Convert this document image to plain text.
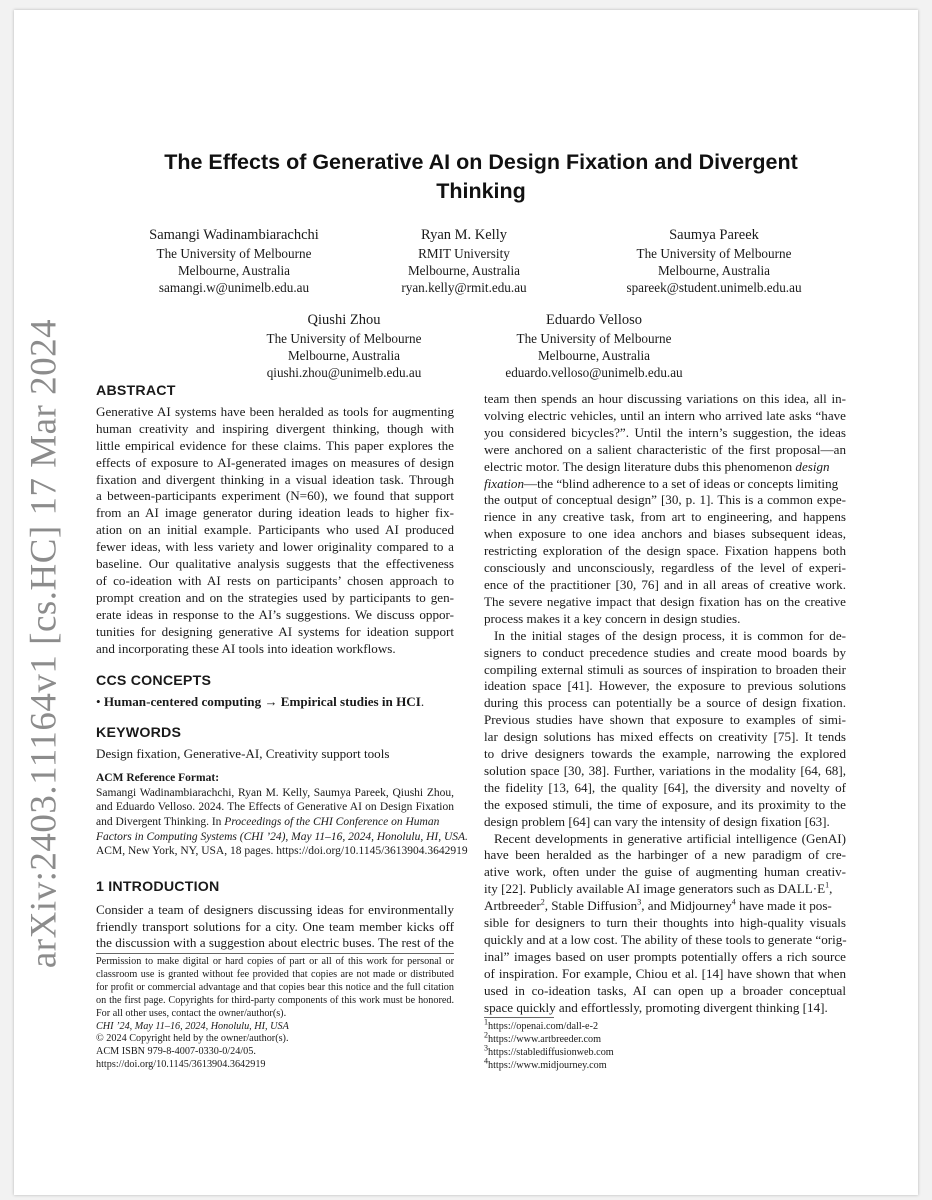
arXiv:2403.11164v1 [cs.HC] 17 Mar 2024
The Effects of Generative AI on Design Fixation and Divergent
Thinking
Samangi Wadinambiarachchi
The University of Melbourne
Melbourne, Australia
samangi.w@unimelb.edu.au
Ryan M. Kelly
RMIT University
Melbourne, Australia
ryan.kelly@rmit.edu.au
Saumya Pareek
The University of Melbourne
Melbourne, Australia
spareek@student.unimelb.edu.au
Qiushi Zhou
The University of Melbourne
Melbourne, Australia
qiushi.zhou@unimelb.edu.au
Eduardo Velloso
The University of Melbourne
Melbourne, Australia
eduardo.velloso@unimelb.edu.au
ABSTRACT
Generative AI systems have been heralded as tools for augmenting
human creativity and inspiring divergent thinking, though with
little empirical evidence for these claims. This paper explores the
effects of exposure to AI-generated images on measures of design
fixation and divergent thinking in a visual ideation task. Through
a between-participants experiment (N=60), we found that support
from an AI image generator during ideation leads to higher fix-
ation on an initial example. Participants who used AI produced
fewer ideas, with less variety and lower originality compared to a
baseline. Our qualitative analysis suggests that the effectiveness
of co-ideation with AI rests on participants’ chosen approach to
prompt creation and on the strategies used by participants to gen-
erate ideas in response to the AI’s suggestions. We discuss oppor-
tunities for designing generative AI systems for ideation support
and incorporating these AI tools into ideation workflows.
CCS CONCEPTS
• Human-centered computing → Empirical studies in HCI.
KEYWORDS
Design fixation, Generative-AI, Creativity support tools
ACM Reference Format:
Samangi Wadinambiarachchi, Ryan M. Kelly, Saumya Pareek, Qiushi Zhou,
and Eduardo Velloso. 2024. The Effects of Generative AI on Design Fixation
and Divergent Thinking. In Proceedings of the CHI Conference on Human
Factors in Computing Systems (CHI ’24), May 11–16, 2024, Honolulu, HI, USA.
ACM, New York, NY, USA, 18 pages. https://doi.org/10.1145/3613904.3642919
1 INTRODUCTION
Consider a team of designers discussing ideas for environmentally
friendly transport solutions for a city. One team member kicks off
the discussion with a suggestion about electric buses. The rest of the
Permission to make digital or hard copies of part or all of this work for personal or
classroom use is granted without fee provided that copies are not made or distributed
for profit or commercial advantage and that copies bear this notice and the full citation
on the first page. Copyrights for third-party components of this work must be honored.
For all other uses, contact the owner/author(s).
CHI ’24, May 11–16, 2024, Honolulu, HI, USA
© 2024 Copyright held by the owner/author(s).
ACM ISBN 979-8-4007-0330-0/24/05.
https://doi.org/10.1145/3613904.3642919
team then spends an hour discussing variations on this idea, all in-
volving electric vehicles, until an intern who arrived late asks “have
you considered bicycles?”. Until the intern’s suggestion, the ideas
were anchored on a salient characteristic of the first proposal—an
electric motor. The design literature dubs this phenomenon design
fixation—the “blind adherence to a set of ideas or concepts limiting
the output of conceptual design” [30, p. 1]. This is a common expe-
rience in any creative task, from art to engineering, and happens
when exposure to one idea anchors and biases subsequent ideas,
restricting exploration of the design space. Fixation happens both
consciously and unconsciously, regardless of the level of experi-
ence of the practitioner [30, 76] and in all areas of creative work.
The severe negative impact that design fixation has on the creative
process makes it a key concern in design studies.
In the initial stages of the design process, it is common for de-
signers to conduct precedence studies and create mood boards by
compiling external stimuli as sources of inspiration to broaden their
ideation space [41]. However, the exposure to previous solutions
during this process can potentially be a source of design fixation.
Previous studies have shown that exposure to examples of simi-
lar design solutions has mixed effects on creativity [75]. It tends
to drive designers towards the example, narrowing the explored
solution space [30, 38]. Further, variations in the modality [64, 68],
the fidelity [13, 64], the quality [64], the diversity and novelty of
the exposed stimuli, the time of exposure, and its proximity to the
design problem [64] can vary the intensity of design fixation [63].
Recent developments in generative artificial intelligence (GenAI)
have been heralded as the harbinger of a new paradigm of cre-
ative work, often under the guise of augmenting human creativ-
ity [22]. Publicly available AI image generators such as $DALL\cdot E^1$,
Artbreeder$^2$, Stable Diffusion$^3$, and Midjourney$^4$ have made it pos-
sible for designers to turn their thoughts into high-quality visuals
quickly and at a low cost. The ability of these tools to generate “orig-
inal” images based on user prompts potentially offers a rich source
of inspiration. For example, Chiou et al. [14] have shown that when
used in co-ideation tasks, AI can open up a broader conceptual
space quickly and effortlessly, promoting divergent thinking [14].
$^1$https://openai.com/dall-e-2
$^2$https://www.artbreeder.com
$^3$https://stablediffusionweb.com
$^4$https://www.midjourney.com
